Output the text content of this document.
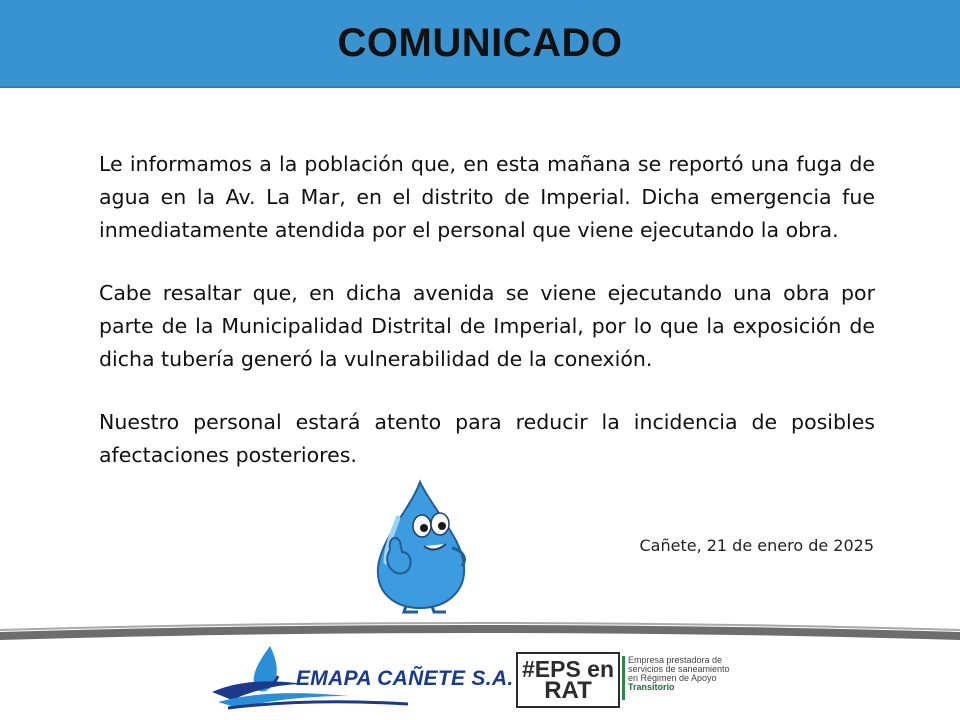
COMUNICADO

Le informamos a la población que, en esta mañana se reportó una fuga de agua en la Av. La Mar, en el distrito de Imperial. Dicha emergencia fue inmediatamente atendida por el personal que viene ejecutando la obra.

Cabe resaltar que, en dicha avenida se viene ejecutando una obra por parte de la Municipalidad Distrital de Imperial, por lo que la exposición de dicha tubería generó la vulnerabilidad de la conexión.

Nuestro personal estará atento para reducir la incidencia de posibles afectaciones posteriores.

Cañete, 21 de enero de 2025
EMAPA CAÑETE S.A. #EPS en
RAT
Empresa prestadora de
servicios de saneamiento
en Régimen de Apoyo
Transitorio
